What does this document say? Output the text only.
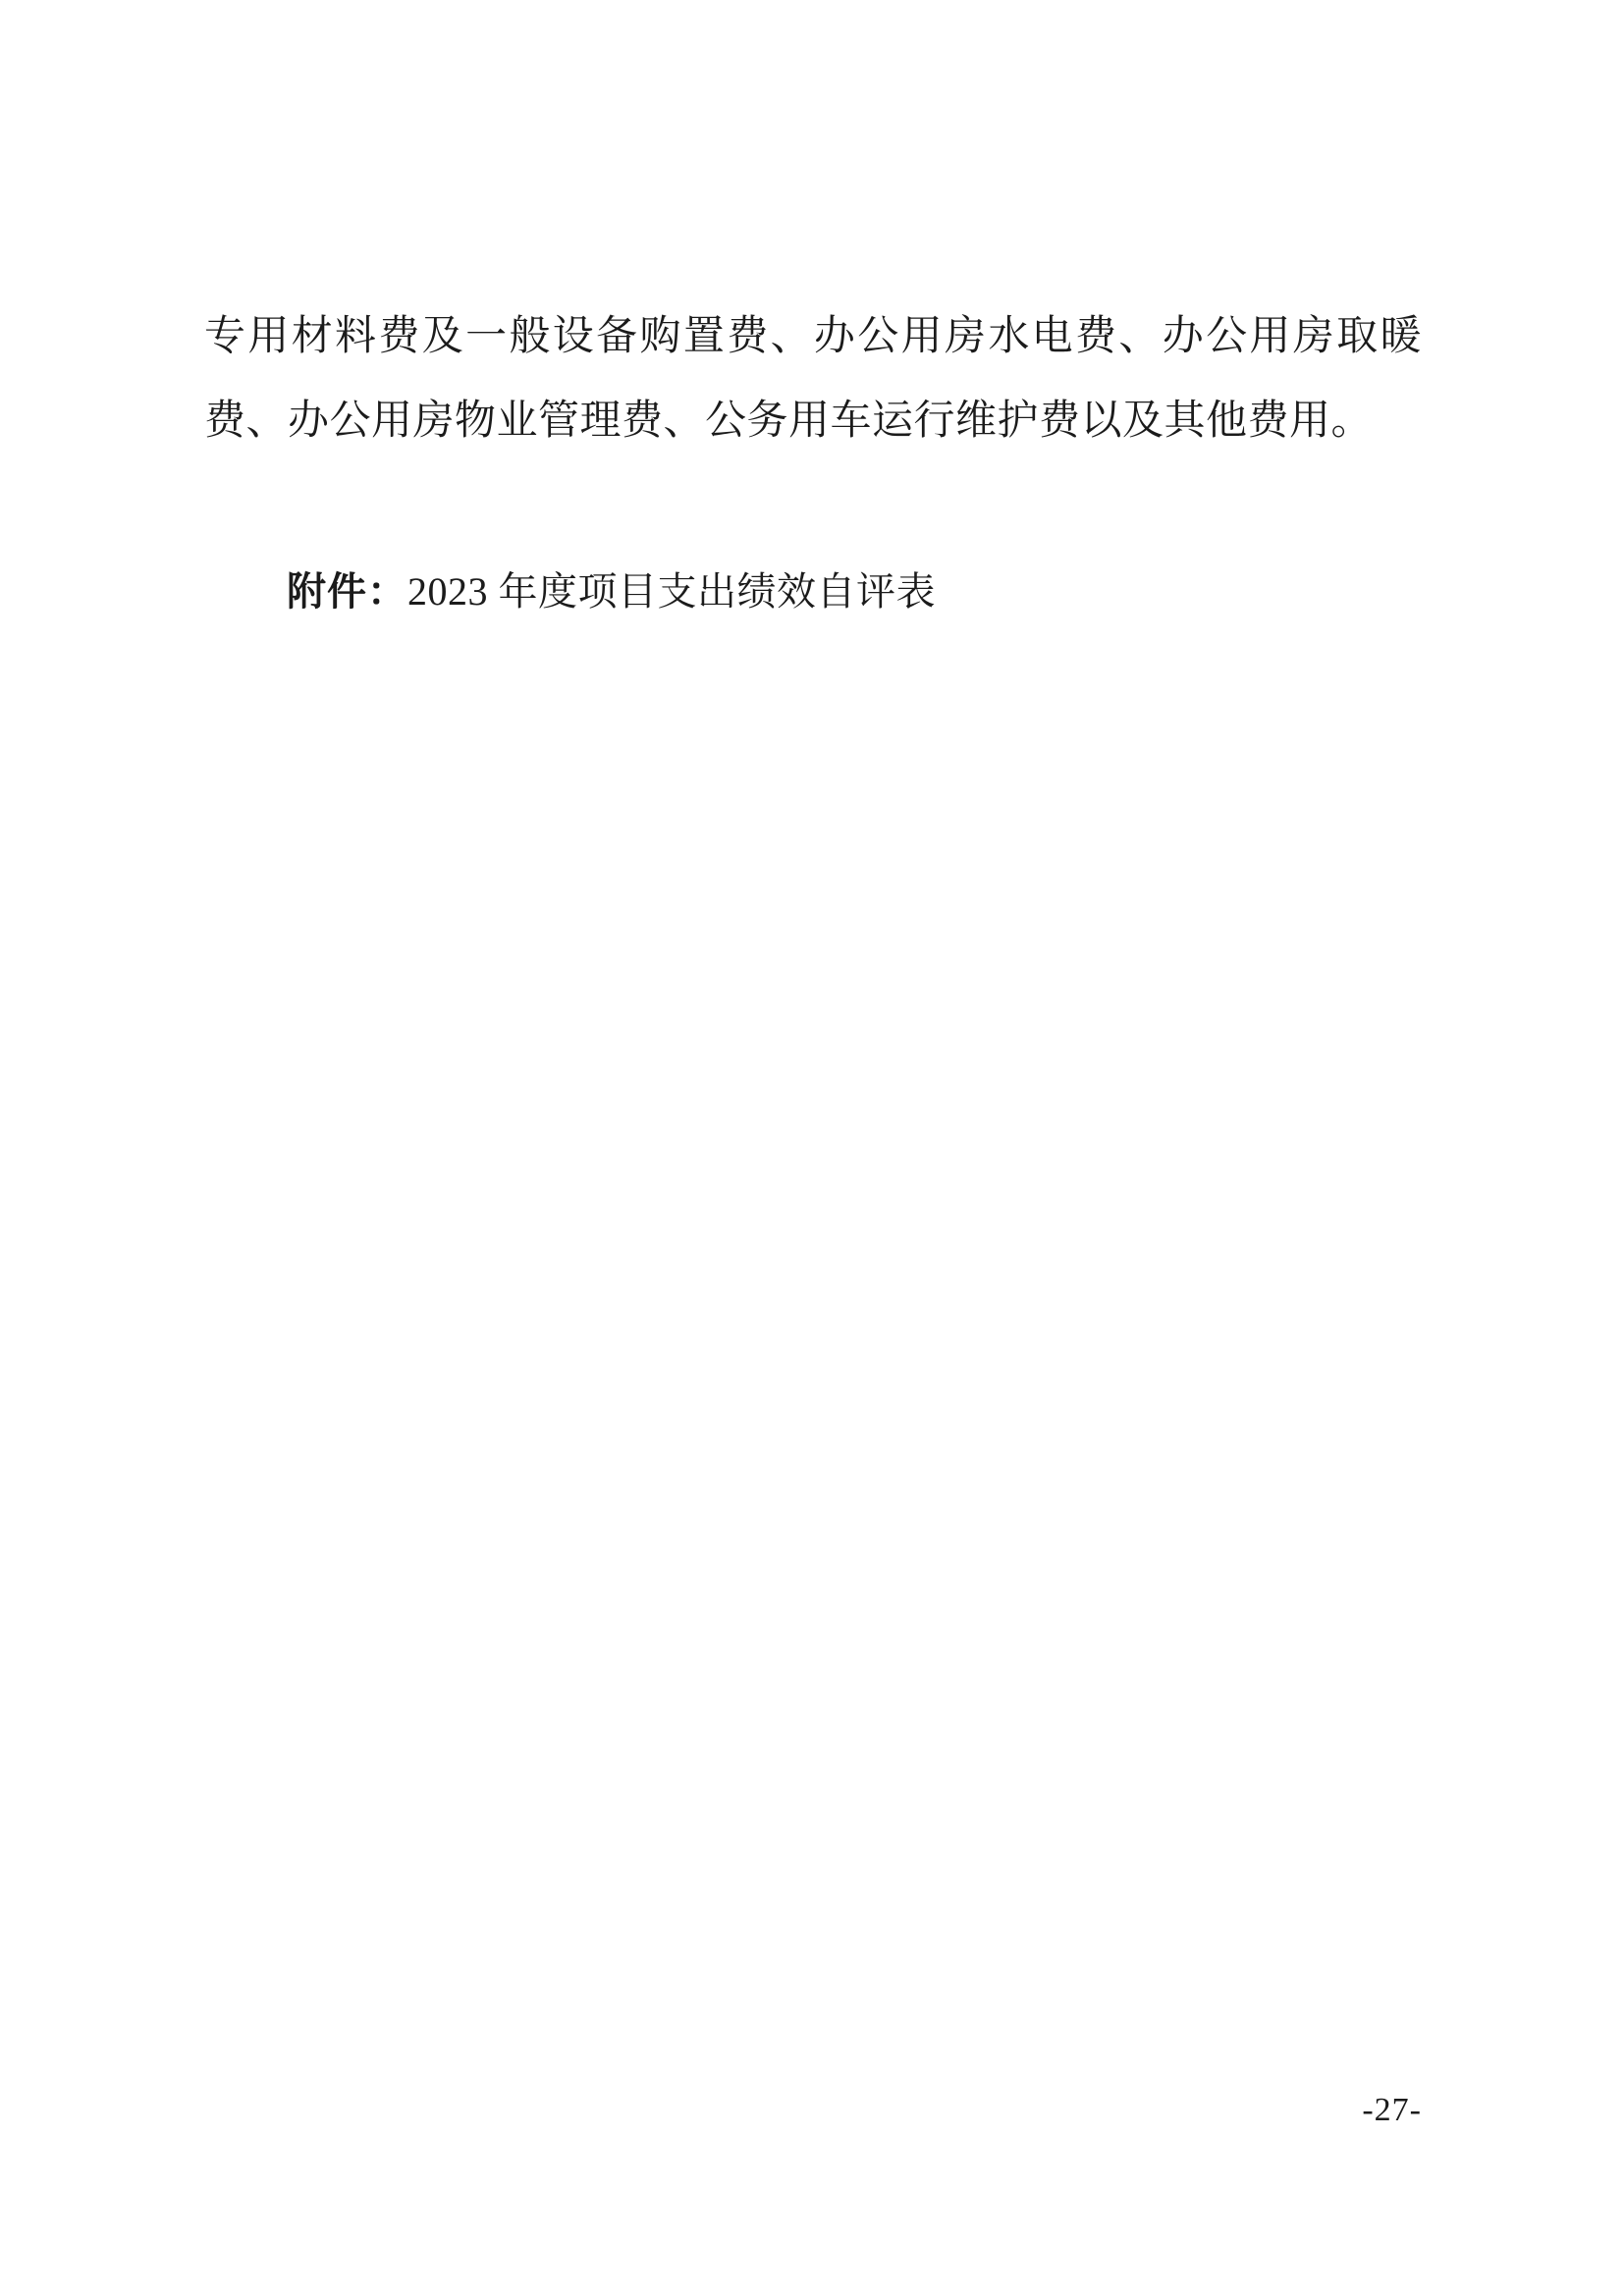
专用材料费及一般设备购置费、办公用房水电费、办公用房取暖费、办公用房物业管理费、公务用车运行维护费以及其他费用。

附件：2023 年度项目支出绩效自评表
-27-
